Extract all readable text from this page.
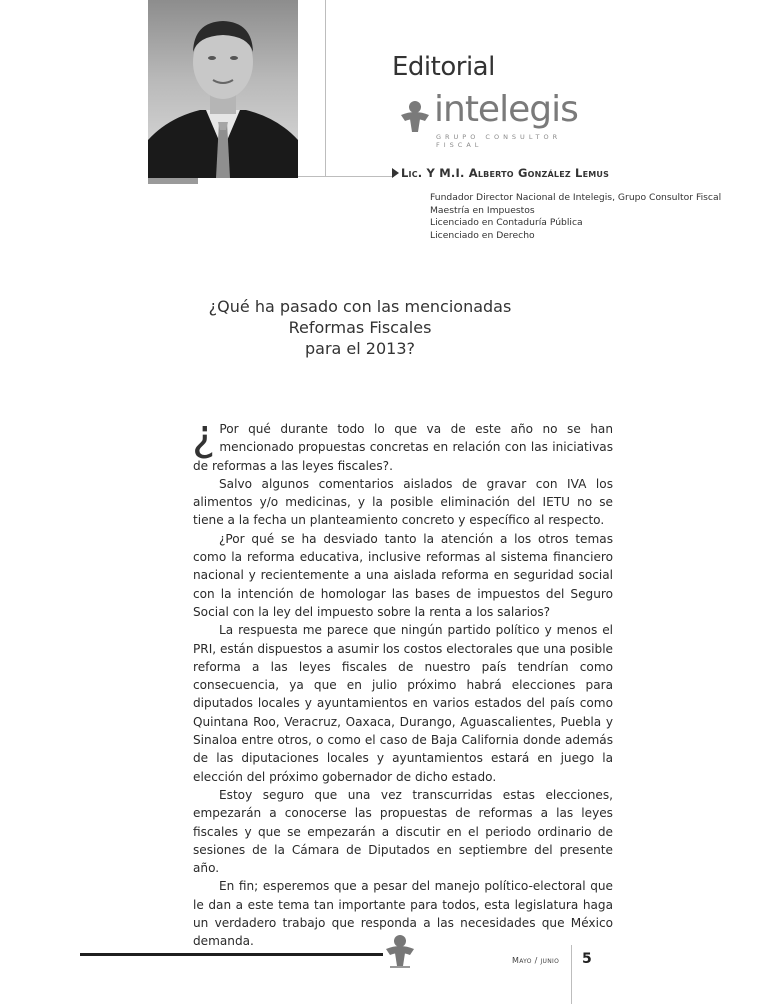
Editorial
intelegis
GRUPO CONSULTOR FISCAL
Lic. Y M.I. Alberto González Lemus
Fundador Director Nacional de Intelegis, Grupo Consultor Fiscal
Maestría en Impuestos
Licenciado en Contaduría Pública
Licenciado en Derecho
¿Qué ha pasado con las mencionadas
Reformas Fiscales
para el 2013?

¿ Por qué durante todo lo que va de este año no se han mencionado propuestas concretas en relación con las iniciativas de reformas a las leyes fiscales?.

Salvo algunos comentarios aislados de gravar con IVA los alimentos y/o medicinas, y la posible eliminación del IETU no se tiene a la fecha un planteamiento concreto y específico al respecto.

¿Por qué se ha desviado tanto la atención a los otros temas como la reforma educativa, inclusive reformas al sistema financiero nacional y recientemente a una aislada reforma en seguridad social con la intención de homologar las bases de impuestos del Seguro Social con la ley del impuesto sobre la renta a los salarios?

La respuesta me parece que ningún partido político y menos el PRI, están dispuestos a asumir los costos electorales que una posible reforma a las leyes fiscales de nuestro país tendrían como consecuencia, ya que en julio próximo habrá elecciones para diputados locales y ayuntamientos en varios estados del país como Quintana Roo, Veracruz, Oaxaca, Durango, Aguascalientes, Puebla y Sinaloa entre otros, o como el caso de Baja California donde además de las diputaciones locales y ayuntamientos estará en juego la elección del próximo gobernador de dicho estado.

Estoy seguro que una vez transcurridas estas elecciones, empezarán a conocerse las propuestas de reformas a las leyes fiscales y que se empezarán a discutir en el periodo ordinario de sesiones de la Cámara de Diputados en septiembre del presente año.

En fin; esperemos que a pesar del manejo político-electoral que le dan a este tema tan importante para todos, esta legislatura haga un verdadero trabajo que responda a las necesidades que México demanda.

Mayo / junio 5
